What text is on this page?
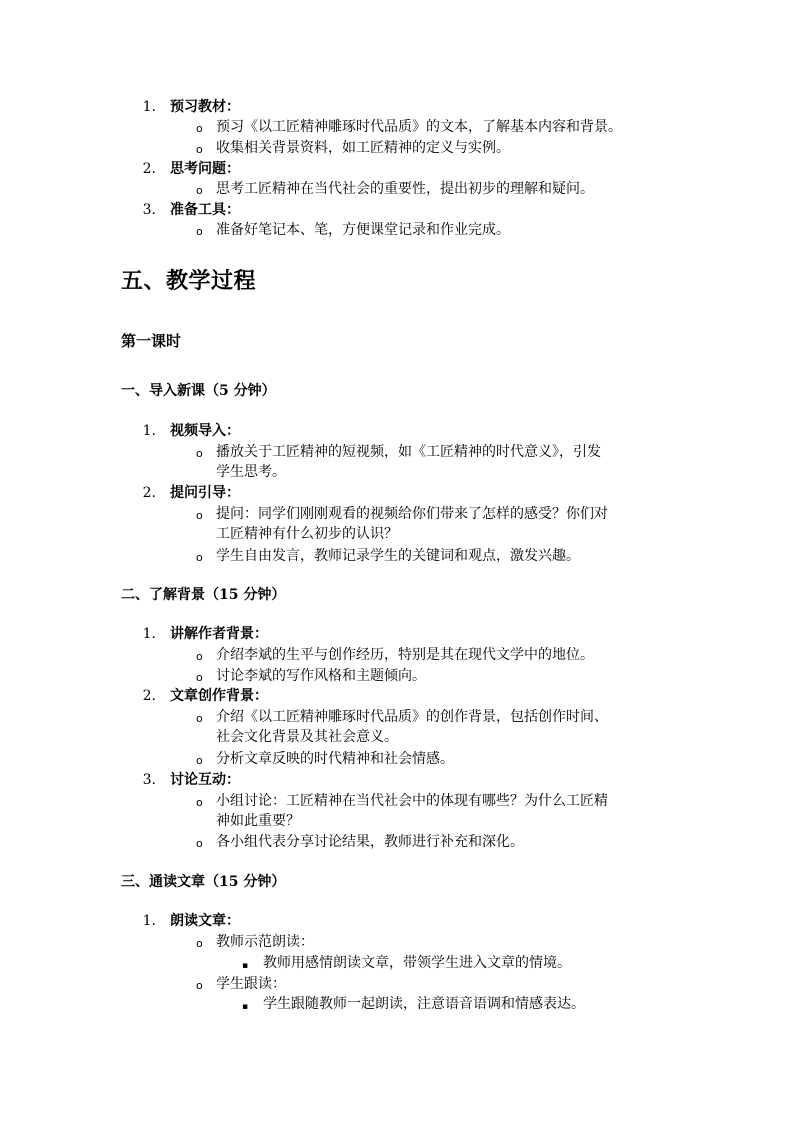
1. 预习教材：
o 预习《以工匠精神雕琢时代品质》的文本，了解基本内容和背景。
o 收集相关背景资料，如工匠精神的定义与实例。
2. 思考问题：
o 思考工匠精神在当代社会的重要性，提出初步的理解和疑问。
3. 准备工具：
o 准备好笔记本、笔，方便课堂记录和作业完成。
五、教学过程
第一课时
一、导入新课（5 分钟）
1. 视频导入：
o 播放关于工匠精神的短视频，如《工匠精神的时代意义》，引发
学生思考。
2. 提问引导：
o 提问：同学们刚刚观看的视频给你们带来了怎样的感受？你们对
工匠精神有什么初步的认识？
o 学生自由发言，教师记录学生的关键词和观点，激发兴趣。
二、了解背景（15 分钟）
1. 讲解作者背景：
o 介绍李斌的生平与创作经历，特别是其在现代文学中的地位。
o 讨论李斌的写作风格和主题倾向。
2. 文章创作背景：
o 介绍《以工匠精神雕琢时代品质》的创作背景，包括创作时间、
社会文化背景及其社会意义。
o 分析文章反映的时代精神和社会情感。
3. 讨论互动：
o 小组讨论：工匠精神在当代社会中的体现有哪些？为什么工匠精
神如此重要？
o 各小组代表分享讨论结果，教师进行补充和深化。
三、通读文章（15 分钟）
1. 朗读文章：
o 教师示范朗读：
▪ 教师用感情朗读文章，带领学生进入文章的情境。
o 学生跟读：
▪ 学生跟随教师一起朗读，注意语音语调和情感表达。
